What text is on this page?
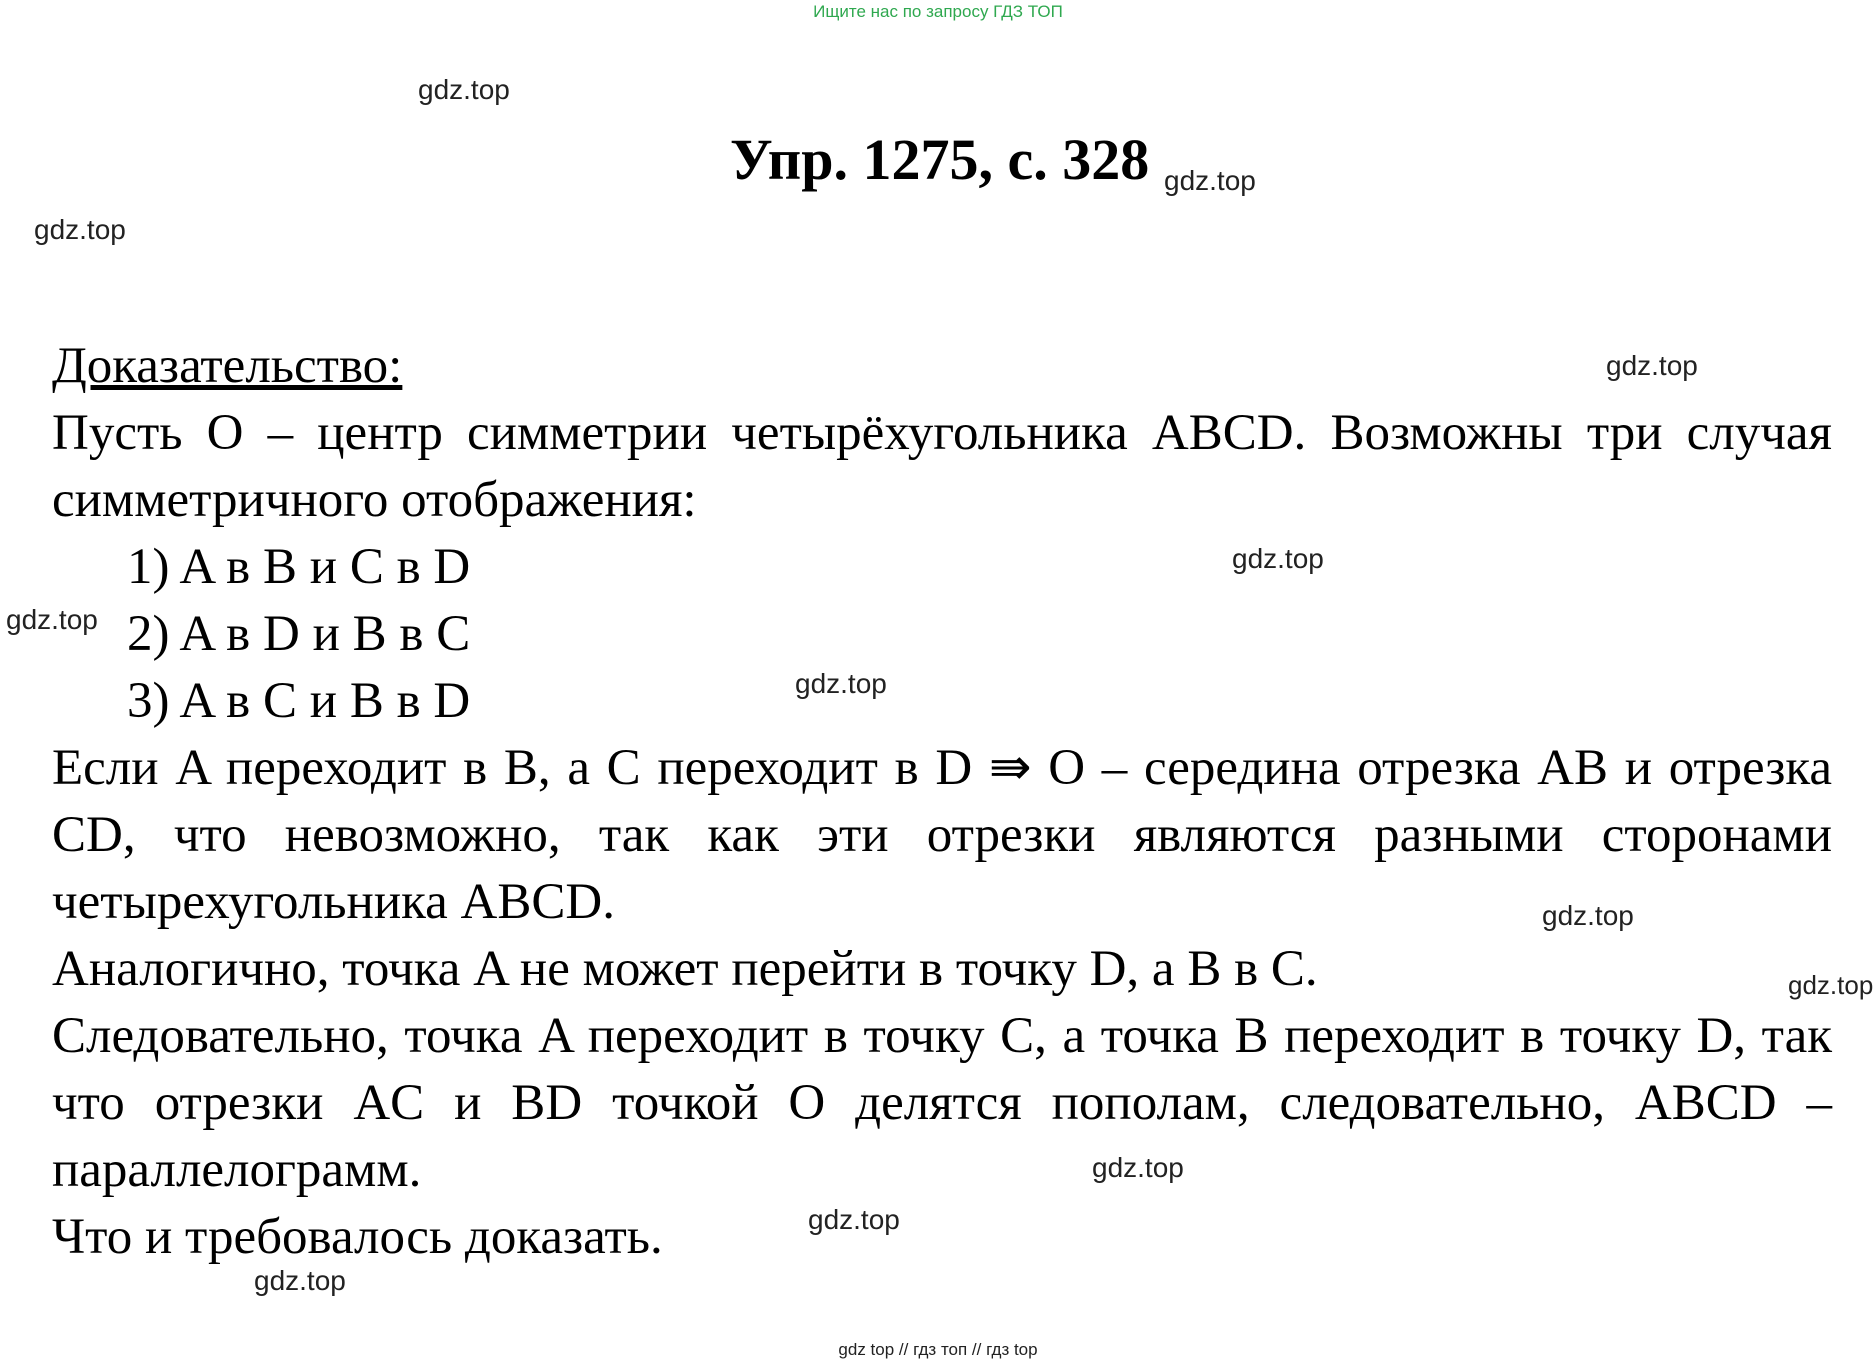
Ищите нас по запросу ГДЗ ТОП
gdz.top
Упр. 1275, с. 328 gdz.top
gdz.top
gdz.top
gdz.top
gdz.top
gdz.top
gdz.top
gdz.top
gdz.top
gdz.top
gdz.top
Доказательство:
Пусть O – центр симметрии четырёхугольника ABCD. Возможны три случая симметричного отображения:
1) A в B и C в D
2) A в D и B в C
3) A в C и B в D
Если A переходит в B, а C переходит в D ⇛ O – середина отрезка AB и отрезка CD, что невозможно, так как эти отрезки являются разными сторонами четырехугольника ABCD.
Аналогично, точка A не может перейти в точку D, а B в C.
Следовательно, точка A переходит в точку C, а точка B переходит в точку D, так что отрезки AC и BD точкой O делятся пополам, следовательно, ABCD – параллелограмм.
Что и требовалось доказать.
gdz top // гдз топ // гдз top
